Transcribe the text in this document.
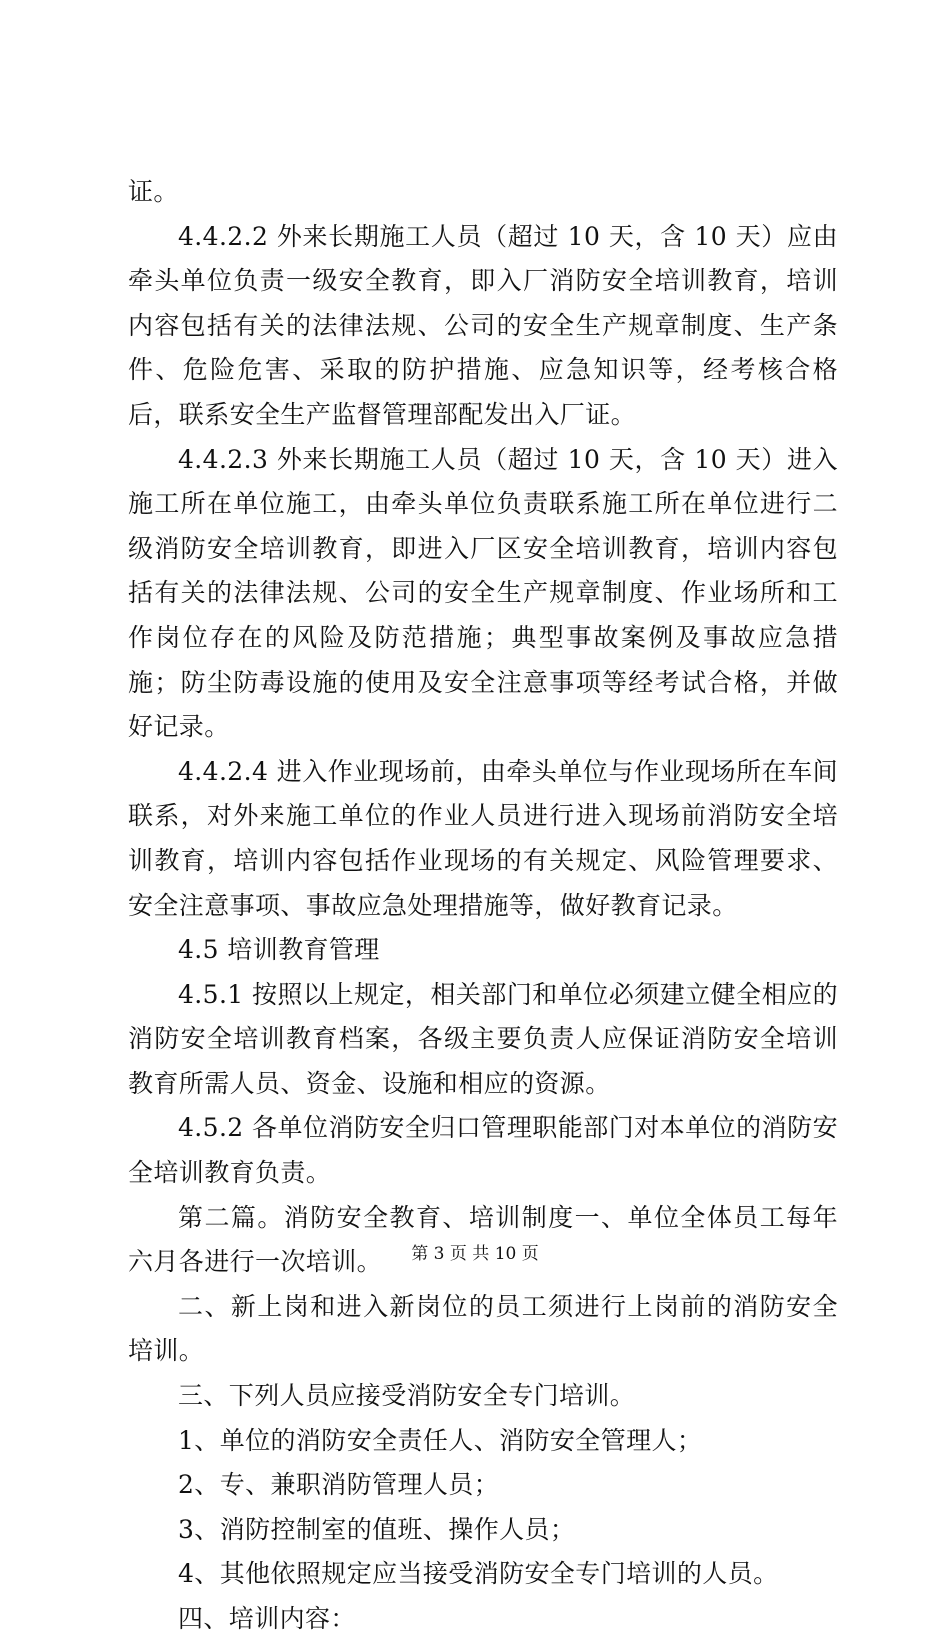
证。

4.4.2.2 外来长期施工人员（超过 10 天，含 10 天）应由牵头单位负责一级安全教育，即入厂消防安全培训教育，培训内容包括有关的法律法规、公司的安全生产规章制度、生产条件、危险危害、采取的防护措施、应急知识等，经考核合格后，联系安全生产监督管理部配发出入厂证。

4.4.2.3 外来长期施工人员（超过 10 天，含 10 天）进入施工所在单位施工，由牵头单位负责联系施工所在单位进行二级消防安全培训教育，即进入厂区安全培训教育，培训内容包括有关的法律法规、公司的安全生产规章制度、作业场所和工作岗位存在的风险及防范措施；典型事故案例及事故应急措施；防尘防毒设施的使用及安全注意事项等经考试合格，并做好记录。

4.4.2.4 进入作业现场前，由牵头单位与作业现场所在车间联系，对外来施工单位的作业人员进行进入现场前消防安全培训教育，培训内容包括作业现场的有关规定、风险管理要求、安全注意事项、事故应急处理措施等，做好教育记录。

4.5 培训教育管理

4.5.1 按照以上规定，相关部门和单位必须建立健全相应的消防安全培训教育档案，各级主要负责人应保证消防安全培训教育所需人员、资金、设施和相应的资源。

4.5.2 各单位消防安全归口管理职能部门对本单位的消防安全培训教育负责。

第二篇。消防安全教育、培训制度一、单位全体员工每年六月各进行一次培训。

二、新上岗和进入新岗位的员工须进行上岗前的消防安全培训。

三、下列人员应接受消防安全专门培训。

1、单位的消防安全责任人、消防安全管理人；

2、专、兼职消防管理人员；

3、消防控制室的值班、操作人员；

4、其他依照规定应当接受消防安全专门培训的人员。

四、培训内容：

第 3 页 共 10 页
